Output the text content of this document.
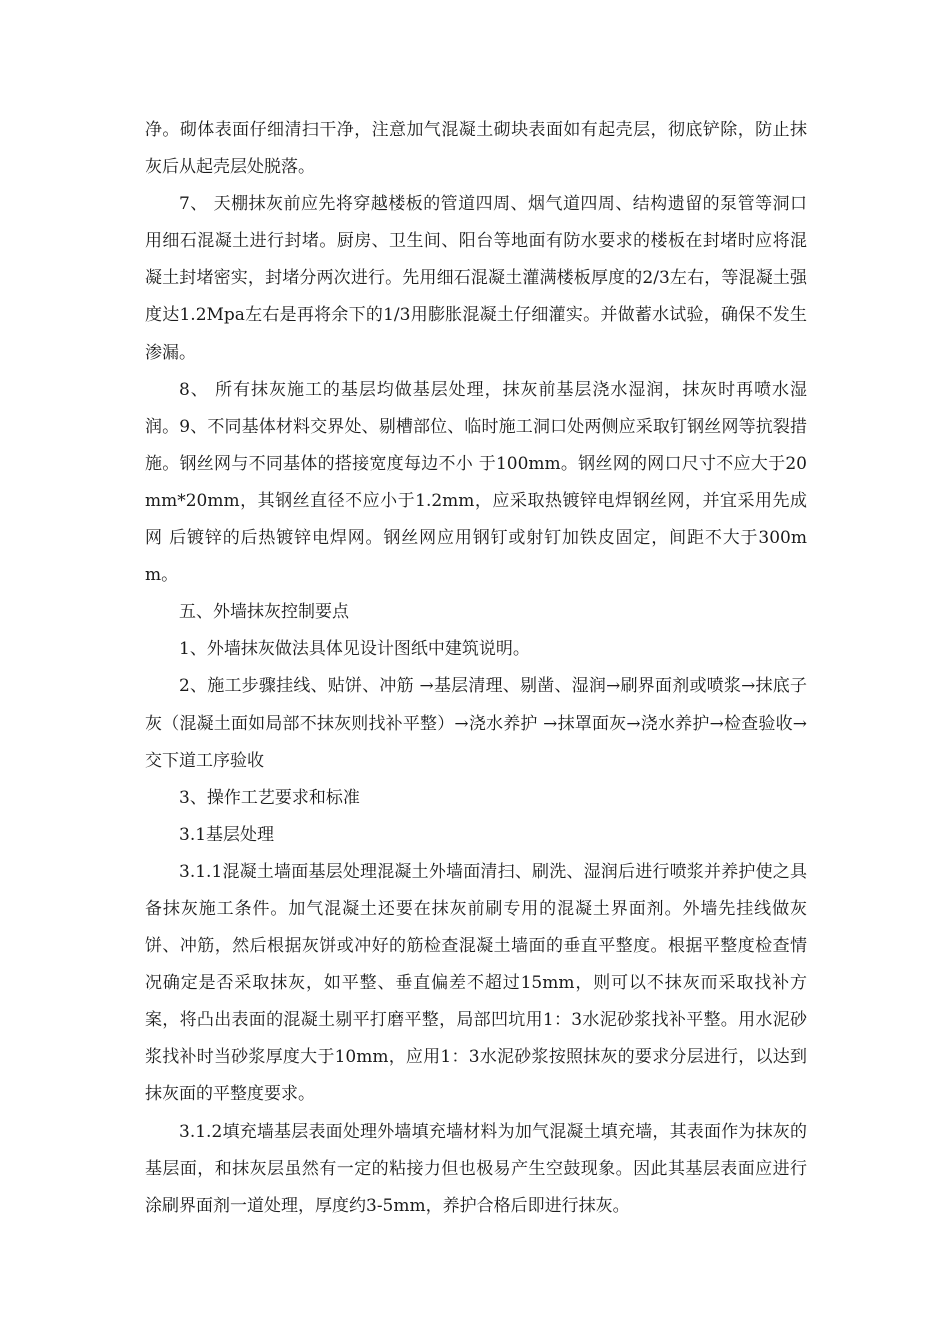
净。砌体表面仔细清扫干净，注意加气混凝土砌块表面如有起壳层，彻底铲除，防止抹灰后从起壳层处脱落。

7、 天棚抹灰前应先将穿越楼板的管道四周、烟气道四周、结构遗留的泵管等洞口用细石混凝土进行封堵。厨房、卫生间、阳台等地面有防水要求的楼板在封堵时应将混凝土封堵密实，封堵分两次进行。先用细石混凝土灌满楼板厚度的2/3左右，等混凝土强度达1.2Mpa左右是再将余下的1/3用膨胀混凝土仔细灌实。并做蓄水试验，确保不发生渗漏。

8、 所有抹灰施工的基层均做基层处理，抹灰前基层浇水湿润，抹灰时再喷水湿润。9、不同基体材料交界处、剔槽部位、临时施工洞口处两侧应采取钉钢丝网等抗裂措施。钢丝网与不同基体的搭接宽度每边不小 于100mm。钢丝网的网口尺寸不应大于20mm*20mm，其钢丝直径不应小于1.2mm，应采取热镀锌电焊钢丝网，并宜采用先成网 后镀锌的后热镀锌电焊网。钢丝网应用钢钉或射钉加铁皮固定，间距不大于300mm。

五、外墙抹灰控制要点

1、外墙抹灰做法具体见设计图纸中建筑说明。

2、施工步骤挂线、贴饼、冲筋 →基层清理、剔凿、湿润→刷界面剂或喷浆→抹底子灰（混凝土面如局部不抹灰则找补平整）→浇水养护 →抹罩面灰→浇水养护→检查验收→交下道工序验收

3、操作工艺要求和标准

3.1基层处理

3.1.1混凝土墙面基层处理混凝土外墙面清扫、刷洗、湿润后进行喷浆并养护使之具备抹灰施工条件。加气混凝土还要在抹灰前刷专用的混凝土界面剂。外墙先挂线做灰饼、冲筋，然后根据灰饼或冲好的筋检查混凝土墙面的垂直平整度。根据平整度检查情况确定是否采取抹灰，如平整、垂直偏差不超过15mm，则可以不抹灰而采取找补方案，将凸出表面的混凝土剔平打磨平整，局部凹坑用1：3水泥砂浆找补平整。用水泥砂浆找补时当砂浆厚度大于10mm，应用1：3水泥砂浆按照抹灰的要求分层进行，以达到抹灰面的平整度要求。

3.1.2填充墙基层表面处理外墙填充墙材料为加气混凝土填充墙，其表面作为抹灰的基层面，和抹灰层虽然有一定的粘接力但也极易产生空鼓现象。因此其基层表面应进行涂刷界面剂一道处理，厚度约3-5mm，养护合格后即进行抹灰。
